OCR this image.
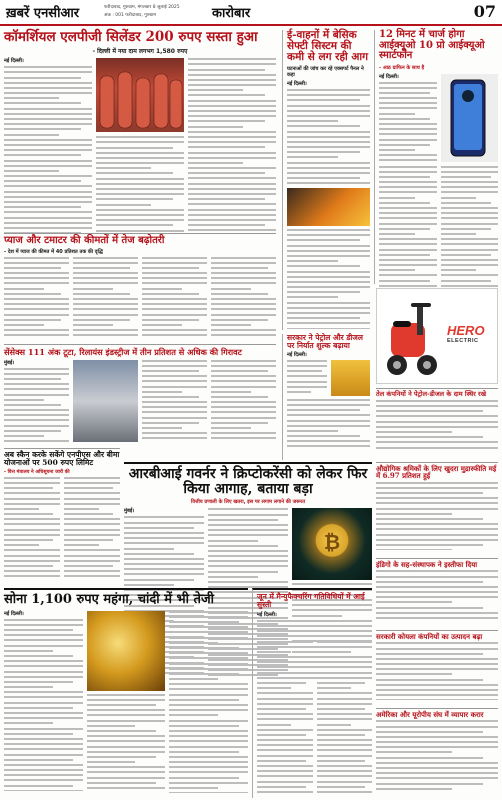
ख़बरें एनसीआर	फरीदाबाद, गुरुग्राम, मंगलवार 8 जुलाई 2025
अंक : 001 फरीदाबाद, गुरुग्राम	कारोबार	07
कॉमर्शियल एलपीजी सिलेंडर 200 रुपए सस्ता हुआ
- दिल्ली में नया दाम लगभग 1,580 रुपए
नई दिल्ली।
प्याज और टमाटर की कीमतों में तेज बढ़ोतरी
- देश में प्याज की कीमत में 40 प्रतिशत तक की वृद्धि
ई-वाहनों में बेसिक सेफ्टी सिस्टम की कमी से लग रही आग
घटनाओं की जांच कर रहे एक्सपर्ट पैनल ने कहा
नई दिल्ली।
12 मिनट में चार्ज होगा आईक्यूओ 10 प्रो आईक्यूओ स्मार्टफोन
- आठ ग्राफिन के साथ है
नई दिल्ली।
सेंसेक्स 111 अंक टूटा, रिलायंस इंडस्ट्रीज में तीन प्रतिशत से अधिक की गिरावट
मुंबई।
सरकार ने पेट्रोल और डीजल पर निर्यात शुल्क बढ़ाया
नई दिल्ली।
HERO
ELECTRIC
तेल कंपनियों ने पेट्रोल-डीजल के दाम स्थिर रखे
औद्योगिक श्रमिकों के लिए खुदरा मुद्रास्फीति मई में 6.97 प्रतिशत हुई
इंडिगो के सह-संस्थापक ने इस्तीफा दिया
सरकारी कोयला कंपनियों का उत्पादन बढ़ा
अमेरिका और यूरोपीय संघ में व्यापार करार
आरबीआई गवर्नर ने क्रिप्टोकरेंसी को लेकर फिर किया आगाह, बताया बड़ा
वित्तीय प्रणाली के लिए खतरा, इस पर लगाम लगाने की जरूरत
मुंबई।
₿
अब स्कैन करके सकेंगे एनपीएस और बीमा योजनाओं पर 500 रुपए लिमिट
- वित्त मंत्रालय ने अधिसूचना जारी की
सोना 1,100 रुपए महंगा, चांदी में भी तेजी
नई दिल्ली।
जून में मैन्युफैक्चरिंग गतिविधियों में आई सुस्ती
नई दिल्ली।
